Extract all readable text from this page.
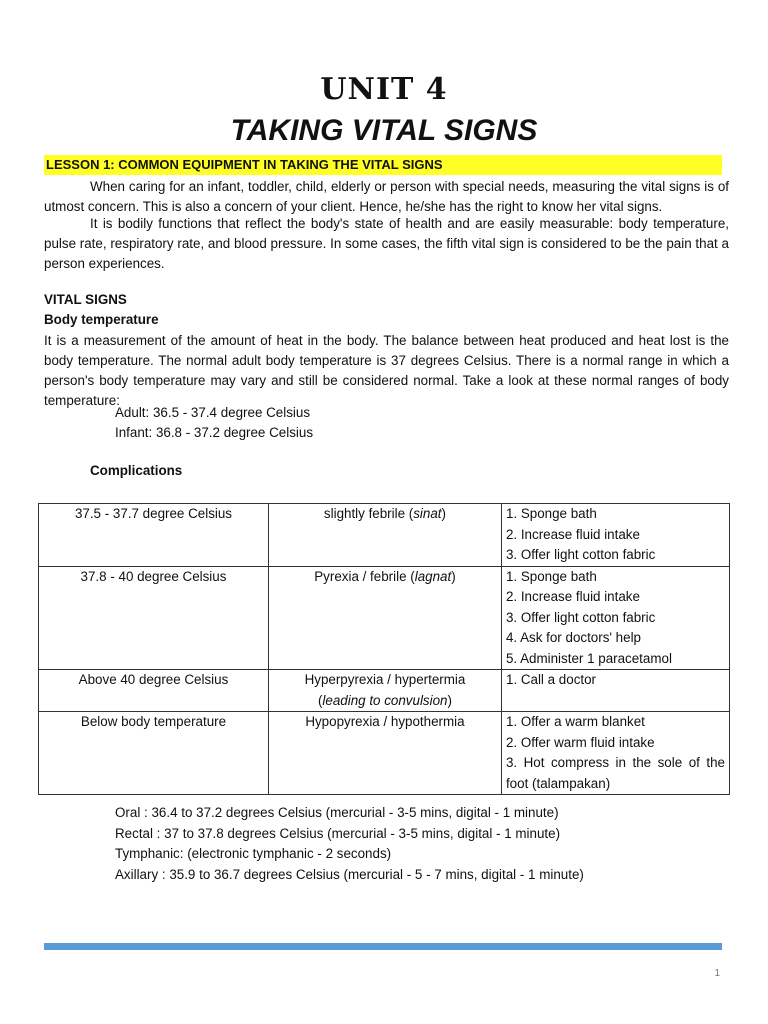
UNIT 4
TAKING VITAL SIGNS
LESSON 1: COMMON EQUIPMENT IN TAKING THE VITAL SIGNS

When caring for an infant, toddler, child, elderly or person with special needs, measuring the vital signs is of utmost concern. This is also a concern of your client. Hence, he/she has the right to know her vital signs.

It is bodily functions that reflect the body's state of health and are easily measurable: body temperature, pulse rate, respiratory rate, and blood pressure. In some cases, the fifth vital sign is considered to be the pain that a person experiences.

VITAL SIGNS
Body temperature

It is a measurement of the amount of heat in the body. The balance between heat produced and heat lost is the body temperature. The normal adult body temperature is 37 degrees Celsius. There is a normal range in which a person's body temperature may vary and still be considered normal. Take a look at these normal ranges of body temperature:

Adult: 36.5 - 37.4 degree Celsius
Infant: 36.8 - 37.2 degree Celsius
Complications
37.5 - 37.7 degree Celsius	slightly febrile (sinat)	1. Sponge bath
2. Increase fluid intake
3. Offer light cotton fabric

37.8 - 40 degree Celsius	Pyrexia / febrile (lagnat)	1. Sponge bath
2. Increase fluid intake
3. Offer light cotton fabric
4. Ask for doctors' help
5. Administer 1 paracetamol

Above 40 degree Celsius	Hyperpyrexia / hypertermia
(leading to convulsion)	1. Call a doctor

Below body temperature	Hypopyrexia / hypothermia	1. Offer a warm blanket
2. Offer warm fluid intake
3. Hot compress in the sole of the foot (talampakan)
Oral : 36.4 to 37.2 degrees Celsius (mercurial - 3-5 mins, digital - 1 minute)
Rectal : 37 to 37.8 degrees Celsius (mercurial - 3-5 mins, digital - 1 minute)
Tymphanic: (electronic tymphanic - 2 seconds)
Axillary : 35.9 to 36.7 degrees Celsius (mercurial - 5 - 7 mins, digital - 1 minute)
1
